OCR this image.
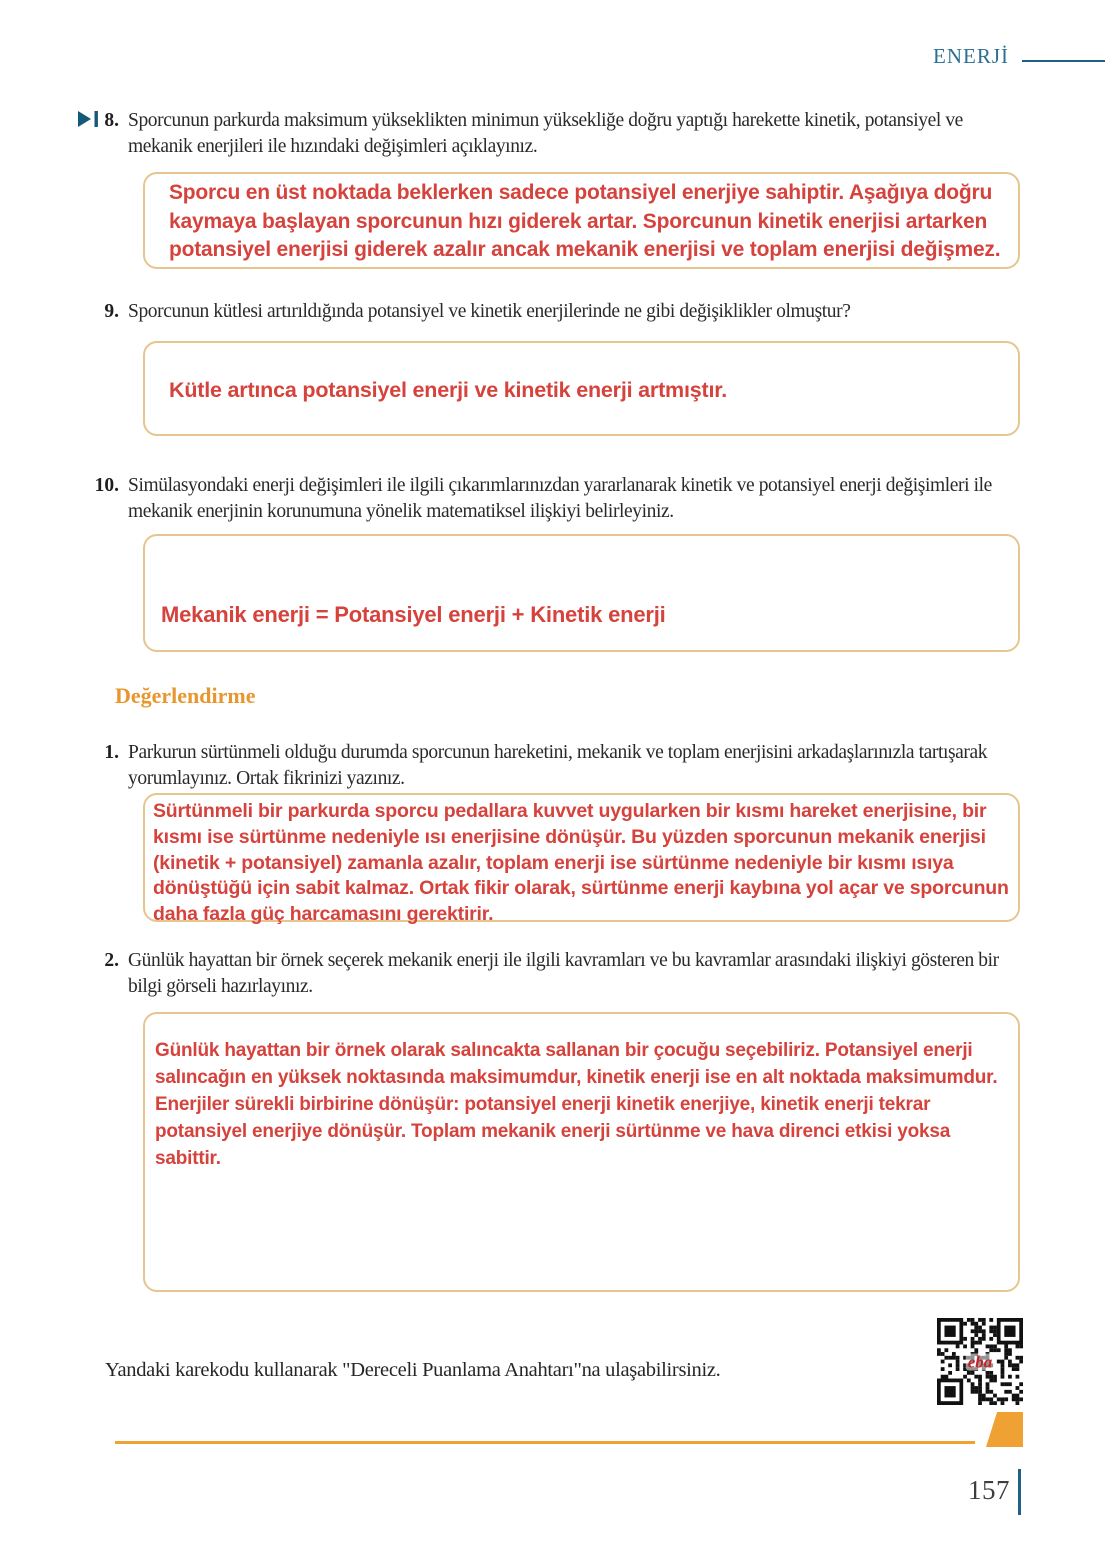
ENERJİ
8. Sporcunun parkurda maksimum yükseklikten minimun yüksekliğe doğru yaptığı harekette kinetik, potansiyel ve mekanik enerjileri ile hızındaki değişimleri açıklayınız.
Sporcu en üst noktada beklerken sadece potansiyel enerjiye sahiptir. Aşağıya doğru kaymaya başlayan sporcunun hızı giderek artar. Sporcunun kinetik enerjisi artarken potansiyel enerjisi giderek azalır ancak mekanik enerjisi ve toplam enerjisi değişmez.
9. Sporcunun kütlesi artırıldığında potansiyel ve kinetik enerjilerinde ne gibi değişiklikler olmuştur?
Kütle artınca potansiyel enerji ve kinetik enerji artmıştır.
10. Simülasyondaki enerji değişimleri ile ilgili çıkarımlarınızdan yararlanarak kinetik ve potansiyel enerji değişimleri ile mekanik enerjinin korunumuna yönelik matematiksel ilişkiyi belirleyiniz.
Mekanik enerji = Potansiyel enerji + Kinetik enerji
Değerlendirme
1. Parkurun sürtünmeli olduğu durumda sporcunun hareketini, mekanik ve toplam enerjisini arkadaşlarınızla tartışarak yorumlayınız. Ortak fikrinizi yazınız.
Sürtünmeli bir parkurda sporcu pedallara kuvvet uygularken bir kısmı hareket enerjisine, bir kısmı ise sürtünme nedeniyle ısı enerjisine dönüşür. Bu yüzden sporcunun mekanik enerjisi (kinetik + potansiyel) zamanla azalır, toplam enerji ise sürtünme nedeniyle bir kısmı ısıya dönüştüğü için sabit kalmaz. Ortak fikir olarak, sürtünme enerji kaybına yol açar ve sporcunun daha fazla güç harcamasını gerektirir.
2. Günlük hayattan bir örnek seçerek mekanik enerji ile ilgili kavramları ve bu kavramlar arasındaki ilişkiyi gösteren bir bilgi görseli hazırlayınız.
Günlük hayattan bir örnek olarak salıncakta sallanan bir çocuğu seçebiliriz. Potansiyel enerji salıncağın en yüksek noktasında maksimumdur, kinetik enerji ise en alt noktada maksimumdur. Enerjiler sürekli birbirine dönüşür: potansiyel enerji kinetik enerjiye, kinetik enerji tekrar potansiyel enerjiye dönüşür. Toplam mekanik enerji sürtünme ve hava direnci etkisi yoksa sabittir.
Yandaki karekodu kullanarak "Dereceli Puanlama Anahtarı"na ulaşabilirsiniz.	eba
157
